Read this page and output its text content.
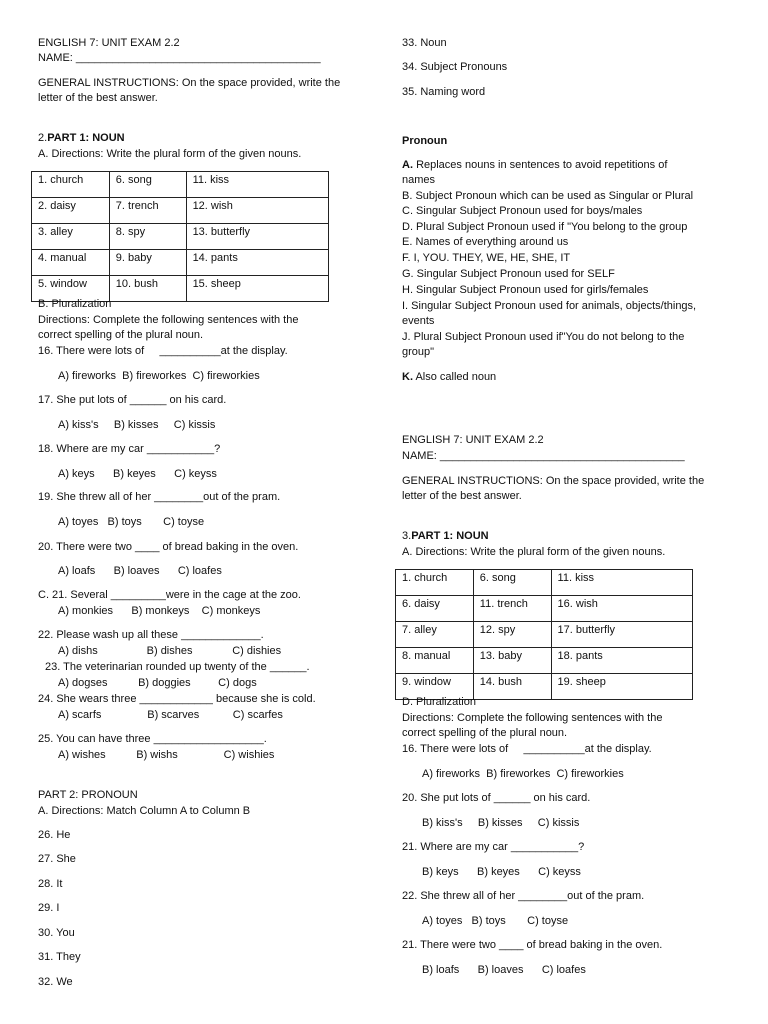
ENGLISH 7: UNIT EXAM 2.2
NAME: ________________________________________
GENERAL INSTRUCTIONS: On the space provided, write the
letter of the best answer.
2.PART 1: NOUN
A. Directions: Write the plural form of the given nouns.
1. church	6. song	11. kiss
2. daisy	7. trench	12. wish
3. alley	8. spy	13. butterfly
4. manual	9. baby	14. pants
5. window	10. bush	15. sheep
B. Pluralization
Directions: Complete the following sentences with the
correct spelling of the plural noun.
16. There were lots of     __________at the display.
A) fireworks  B) fireworkes  C) fireworkies
17. She put lots of ______ on his card.
A) kiss's     B) kisses     C) kissis
18. Where are my car ___________?
A) keys      B) keyes      C) keyss
19. She threw all of her ________out of the pram.
A) toyes   B) toys       C) toyse
20. There were two ____ of bread baking in the oven.
A) loafs      B) loaves      C) loafes
C. 21. Several _________were in the cage at the zoo.
A) monkies      B) monkeys    C) monkeys
22. Please wash up all these _____________.
A) dishs                B) dishes             C) dishies
23. The veterinarian rounded up twenty of the ______.
A) dogses          B) doggies         C) dogs
24. She wears three ____________ because she is cold.
A) scarfs               B) scarves           C) scarfes
25. You can have three __________________.
A) wishes          B) wishs               C) wishies
PART 2: PRONOUN
A. Directions: Match Column A to Column B
26. He
27. She
28. It
29. I
30. You
31. They
32. We
33. Noun
34. Subject Pronouns
35. Naming word
Pronoun
A. Replaces nouns in sentences to avoid repetitions of
names
B. Subject Pronoun which can be used as Singular or Plural
C. Singular Subject Pronoun used for boys/males
D. Plural Subject Pronoun used if "You belong to the group
E. Names of everything around us
F. I, YOU. THEY, WE, HE, SHE, IT
G. Singular Subject Pronoun used for SELF
H. Singular Subject Pronoun used for girls/females
I. Singular Subject Pronoun used for animals, objects/things,
events
J. Plural Subject Pronoun used if"You do not belong to the
group"
K. Also called noun
ENGLISH 7: UNIT EXAM 2.2
NAME: ________________________________________
GENERAL INSTRUCTIONS: On the space provided, write the
letter of the best answer.
3.PART 1: NOUN
A. Directions: Write the plural form of the given nouns.
1. church	6. song	11. kiss
6. daisy	11. trench	16. wish
7. alley	12. spy	17. butterfly
8. manual	13. baby	18. pants
9. window	14. bush	19. sheep
D. Pluralization
Directions: Complete the following sentences with the
correct spelling of the plural noun.
16. There were lots of     __________at the display.
A) fireworks  B) fireworkes  C) fireworkies
20. She put lots of ______ on his card.
B) kiss's     B) kisses     C) kissis
21. Where are my car ___________?
B) keys      B) keyes      C) keyss
22. She threw all of her ________out of the pram.
A) toyes   B) toys       C) toyse
21. There were two ____ of bread baking in the oven.
B) loafs      B) loaves      C) loafes
